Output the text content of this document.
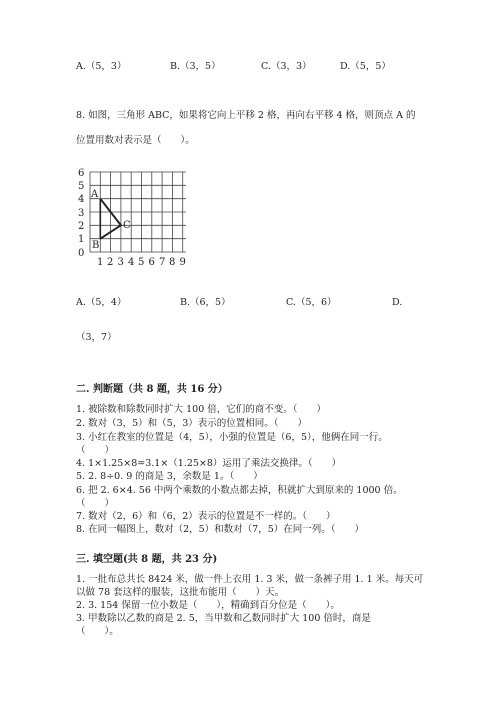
A.（5，3）	B.（3，5）	C.（3，3）	D.（5，5）
8. 如图，三角形 ABC，如果将它向上平移 2 格，再向右平移 4 格，则顶点 A 的
位置用数对表示是（　　）。
A
B
C
0
1
2
3
4
5
6
1 2 3 4 5 6 7 8 9
A.（5，4）	B.（6，5）	C.（5，6）	D.
（3，7）
二. 判断题（共 8 题，共 16 分）
1. 被除数和除数同时扩大 100 倍，它们的商不变。（　　）
2. 数对（3，5）和（5，3）表示的位置相同。（　　）
3. 小红在教室的位置是（4，5），小强的位置是（6，5），他俩在同一行。
（　　）
4. 1×1.25×8=3.1×（1.25×8）运用了乘法交换律。（　　）
5. 2. 8÷0. 9 的商是 3，余数是 1。（　　）
6. 把 2. 6×4. 56 中两个乘数的小数点都去掉，积就扩大到原来的 1000 倍。
（　　）
7. 数对（2，6）和（6，2）表示的位置是不一样的。（　　）
8. 在同一幅图上，数对（2，5）和数对（7，5）在同一列。（　　）
三. 填空题(共 8 题，共 23 分)
1. 一批布总共长 8424 米，做一件上衣用 1. 3 米，做一条裤子用 1. 1 米。每天可
以做 78 套这样的服装，这批布能用（　　）天。
2. 3. 154 保留一位小数是（　　），精确到百分位是（　　）。
3. 甲数除以乙数的商是 2. 5，当甲数和乙数同时扩大 100 倍时，商是
（　　）。
